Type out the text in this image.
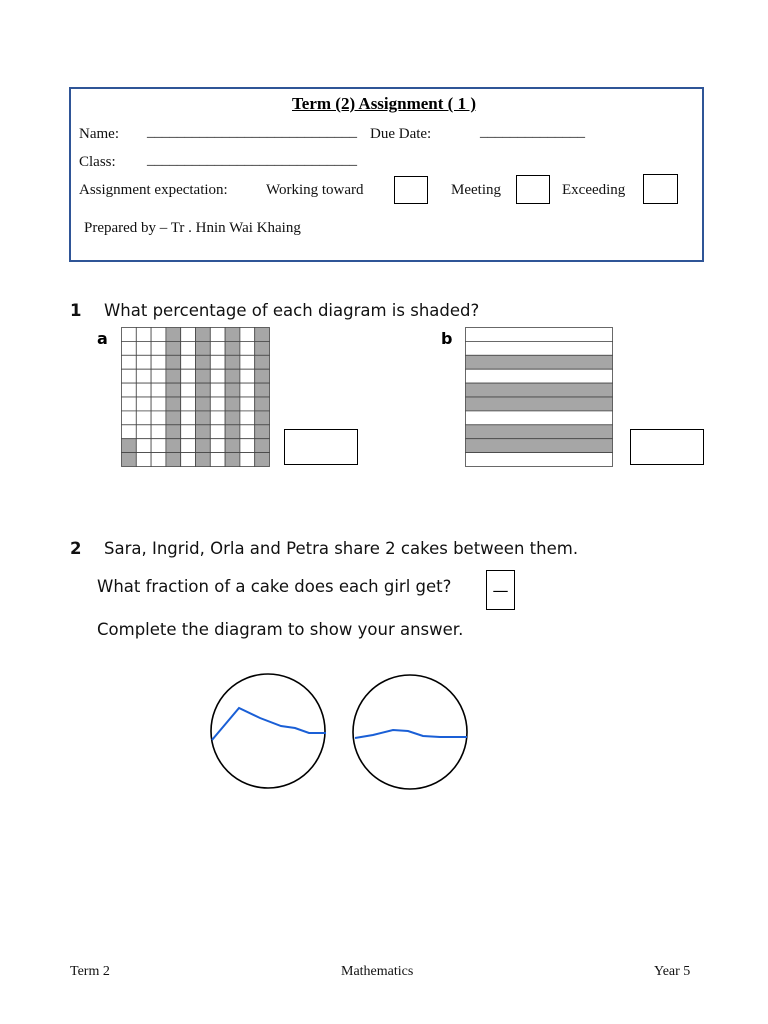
Term (2) Assignment ( 1 )
Name: ____________________________ Due Date:	______________
Class: ____________________________
Assignment expectation:	Working toward	Meeting	Exceeding
Prepared by – Tr . Hnin Wai Khaing
1 What percentage of each diagram is shaded?
a	b
2 Sara, Ingrid, Orla and Petra share 2 cakes between them.
What fraction of a cake does each girl get?	—
Complete the diagram to show your answer.
Term 2	Mathematics	Year 5
